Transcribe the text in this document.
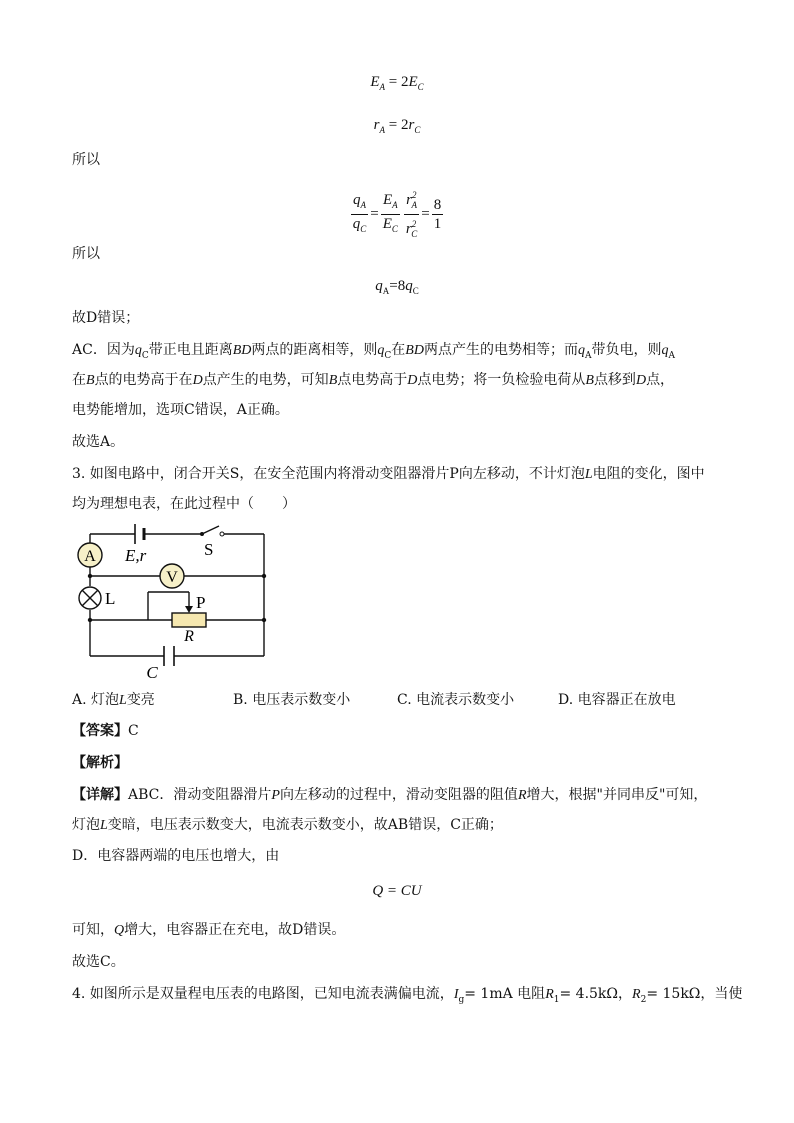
$E_A = 2E_C$
$r_A = 2r_C$
所以
$\frac{q_A}{q_C} = \frac{E_A}{E_C} \frac{r^2_A}{r^2_C} = \frac{8}{1}$
所以
$q_A=8q_C$
故D错误；
AC．因为$q_C$带正电且距离BD两点的距离相等，则$q_C$在BD两点产生的电势相等；而$q_A$带负电，则$q_A$
在B点的电势高于在D点产生的电势，可知B点电势高于D点电势；将一负检验电荷从B点移到D点，
电势能增加，选项C错误，A正确。
故选A。
3. 如图电路中，闭合开关S，在安全范围内将滑动变阻器滑片P向左移动，不计灯泡L电阻的变化，图中
均为理想电表，在此过程中（　　）
A
V
L	P
R
E,r	S
C
A. 灯泡L变亮	B. 电压表示数变小	C. 电流表示数变小	D. 电容器正在放电
【答案】C
【解析】
【详解】ABC．滑动变阻器滑片P向左移动的过程中，滑动变阻器的阻值R增大，根据"并同串反"可知，
灯泡L变暗，电压表示数变大，电流表示数变小，故AB错误，C正确；
D．电容器两端的电压也增大，由
Q = CU
可知，Q增大，电容器正在充电，故D错误。
故选C。
4. 如图所示是双量程电压表的电路图，已知电流表满偏电流，$I_g= 1mA$ 电阻$R_1= 4.5k\Omega$，$R_2= 15k\Omega$，当使
